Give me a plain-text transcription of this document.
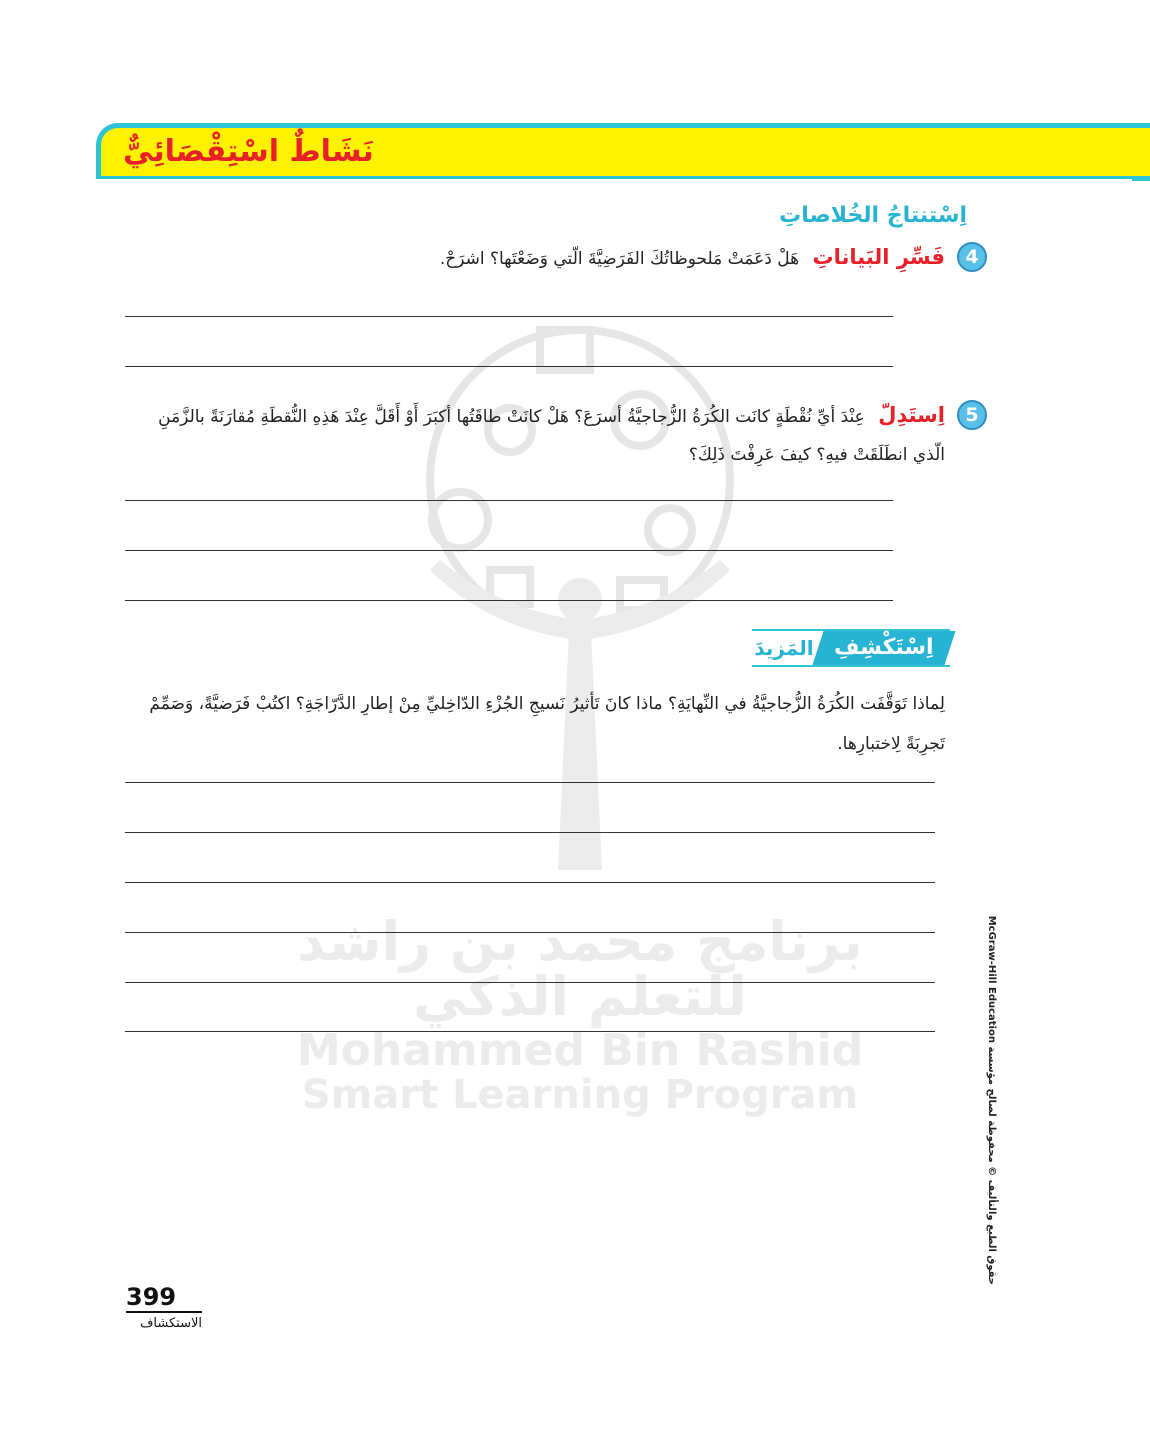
برنامج محمد بن راشد
للتعلم الذكي
Mohammed Bin Rashid
Smart Learning Program
نَشَاطٌ اسْتِقْصَائِيٌّ
اِسْتنتاجُ الخُلاصاتِ
4
فَسِّرِ البَياناتِ هَلْ دَعَمَتْ مَلحوظاتُكَ الفَرَضِيَّةَ الّتي وَضَعْتَها؟ اشرَحْ.
5
اِستَدِلّ عِنْدَ أيِّ نُقْطَةٍ كانَت الكُرَةُ الزُّجاجيَّةُ أسرَعَ؟ هَلْ كانَتْ طاقَتُها أكبَرَ أَوْ أَقَلَّ عِنْدَ هَذِهِ النُّقطَةِ مُقارَنَةً بالزَّمَنِ الّذي انطَلَقَتْ فيهِ؟ كيفَ عَرِفْتَ ذَلِكَ؟
اِسْتَكْشِفِ
المَزيدَ
لِماذا تَوَقَّفَت الكُرَةُ الزُّجاجيَّةُ في النِّهايَةِ؟ ماذا كانَ تَأثيرُ نَسيجِ الجُزْءِ الدّاخِليِّ مِنْ إطارِ الدَّرّاجَةِ؟ اكتُبْ فَرَضيَّةً، وَصَمِّمْ تَجرِبَةً لِاختبارِها.
حقوق الطبع والتأليف © محفوظة لصالح مؤسسة McGraw-Hill Education
399
الاستكشاف
